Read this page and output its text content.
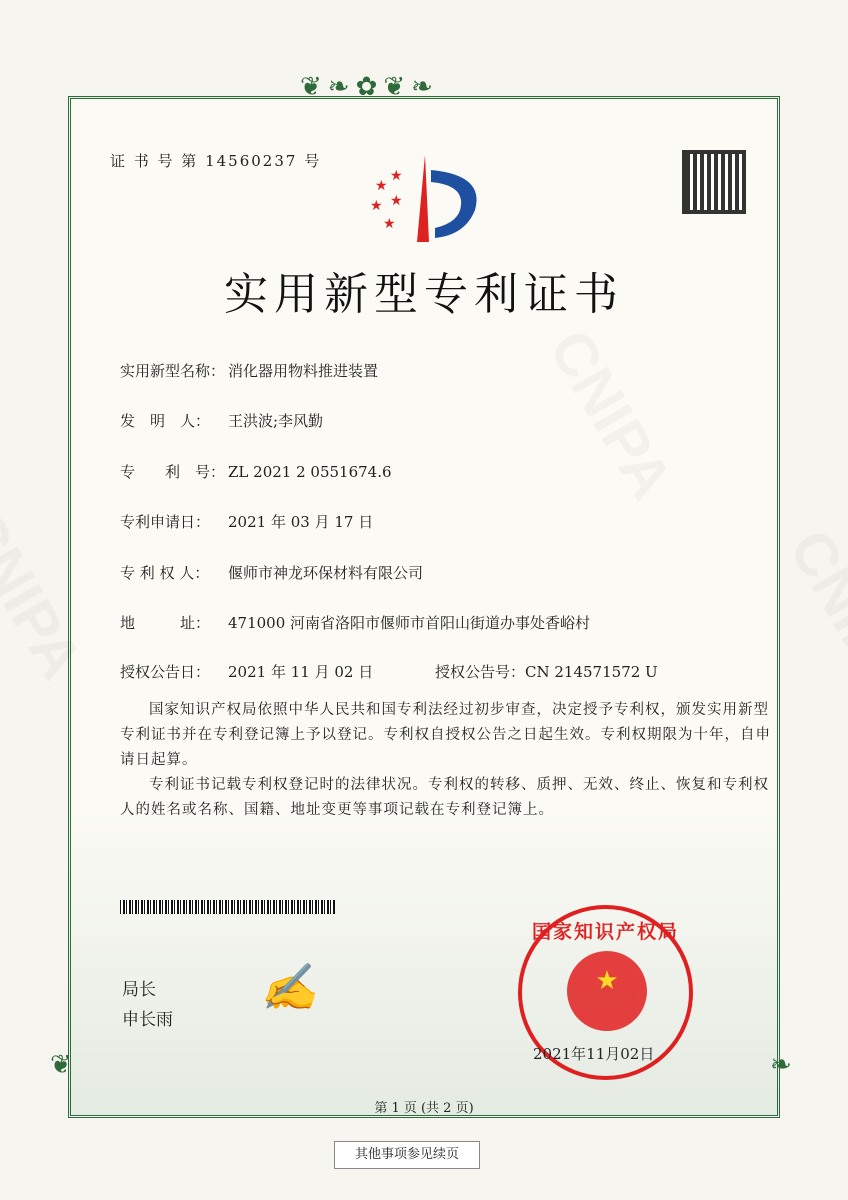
❦❧✿❦❧
❦	❧
证 书 号 第 14560237 号
★
★
★ ★
★
实用新型专利证书
实用新型名称： 消化器用物料推进装置
发　明　人： 王洪波;李风勤
专　　利　号： ZL 2021 2 0551674.6
专利申请日： 2021 年 03 月 17 日
专 利 权 人： 偃师市神龙环保材料有限公司
地　　　址： 471000 河南省洛阳市偃师市首阳山街道办事处香峪村
授权公告日： 2021 年 11 月 02 日	授权公告号：CN 214571572 U

国家知识产权局依照中华人民共和国专利法经过初步审查，决定授予专利权，颁发实用新型专利证书并在专利登记簿上予以登记。专利权自授权公告之日起生效。专利权期限为十年，自申请日起算。

专利证书记载专利权登记时的法律状况。专利权的转移、质押、无效、终止、恢复和专利权人的姓名或名称、国籍、地址变更等事项记载在专利登记簿上。

局长
申长雨
✍	★
国家知识产权局
2021年11月02日
第 1 页 (共 2 页)
其他事项参见续页
